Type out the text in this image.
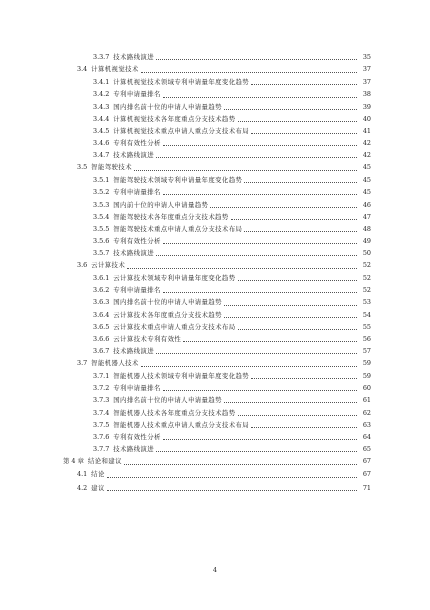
3.3.7 技术路线演进	35
3.4 计算机视觉技术	37
3.4.1 计算机视觉技术领域专利申请量年度变化趋势	37
3.4.2 专利申请量排名	38
3.4.3 国内排名前十位的申请人申请量趋势	39
3.4.4 计算机视觉技术各年度重点分支技术趋势	40
3.4.5 计算机视觉技术重点申请人重点分支技术布局	41
3.4.6 专利有效性分析	42
3.4.7 技术路线演进	42
3.5 智能驾驶技术	45
3.5.1 智能驾驶技术领域专利申请量年度变化趋势	45
3.5.2 专利申请量排名	45
3.5.3 国内前十位的申请人申请量趋势	46
3.5.4 智能驾驶技术各年度重点分支技术趋势	47
3.5.5 智能驾驶技术重点申请人重点分支技术布局	48
3.5.6 专利有效性分析	49
3.5.7 技术路线演进	50
3.6 云计算技术	52
3.6.1 云计算技术领域专利申请量年度变化趋势	52
3.6.2 专利申请量排名	52
3.6.3 国内排名前十位的申请人申请量趋势	53
3.6.4 云计算技术各年度重点分支技术趋势	54
3.6.5 云计算技术重点申请人重点分支技术布局	55
3.6.6 云计算技术专利有效性	56
3.6.7 技术路线演进	57
3.7 智能机器人技术	59
3.7.1 智能机器人技术领域专利申请量年度变化趋势	59
3.7.2 专利申请量排名	60
3.7.3 国内排名前十位的申请人申请量趋势	61
3.7.4 智能机器人技术各年度重点分支技术趋势	62
3.7.5 智能机器人技术重点申请人重点分支技术布局	63
3.7.6 专利有效性分析	64
3.7.7 技术路线演进	65
第 4 章 结论和建议	67
4.1 结论	67
4.2 建议	71
4
